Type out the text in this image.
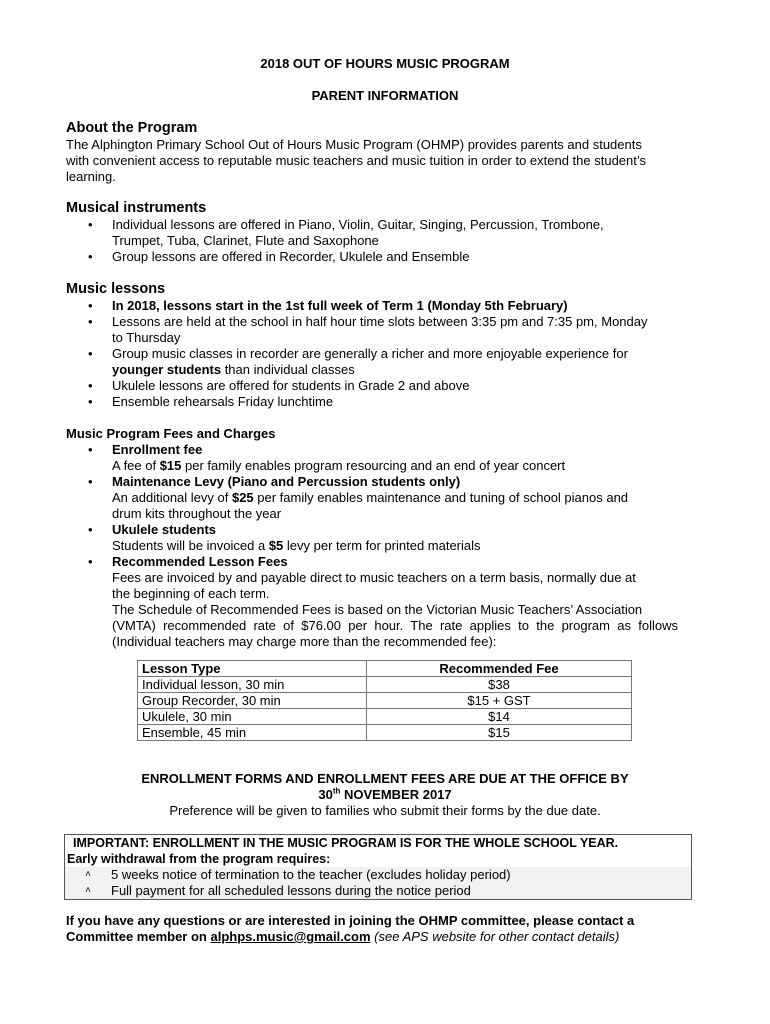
2018 OUT OF HOURS MUSIC PROGRAM
PARENT INFORMATION
About the Program
The Alphington Primary School Out of Hours Music Program (OHMP) provides parents and students
with convenient access to reputable music teachers and music tuition in order to extend the student’s
learning.
Musical instruments
• Individual lessons are offered in Piano, Violin, Guitar, Singing, Percussion, Trombone,
Trumpet, Tuba, Clarinet, Flute and Saxophone
• Group lessons are offered in Recorder, Ukulele and Ensemble
Music lessons
• In 2018, lessons start in the 1st full week of Term 1 (Monday 5th February)
• Lessons are held at the school in half hour time slots between 3:35 pm and 7:35 pm, Monday
to Thursday
• Group music classes in recorder are generally a richer and more enjoyable experience for
younger students than individual classes
• Ukulele lessons are offered for students in Grade 2 and above
• Ensemble rehearsals Friday lunchtime
Music Program Fees and Charges
• Enrollment fee
A fee of $15 per family enables program resourcing and an end of year concert
• Maintenance Levy (Piano and Percussion students only)
An additional levy of $25 per family enables maintenance and tuning of school pianos and
drum kits throughout the year
• Ukulele students
Students will be invoiced a $5 levy per term for printed materials
• Recommended Lesson Fees
Fees are invoiced by and payable direct to music teachers on a term basis, normally due at
the beginning of each term.
The Schedule of Recommended Fees is based on the Victorian Music Teachers’ Association
(VMTA) recommended rate of $76.00 per hour. The rate applies to the program as follows
(Individual teachers may charge more than the recommended fee):
Lesson Type	Recommended Fee
Individual lesson, 30 min	$38
Group Recorder, 30 min	$15 + GST
Ukulele, 30 min	$14
Ensemble, 45 min	$15
ENROLLMENT FORMS AND ENROLLMENT FEES ARE DUE AT THE OFFICE BY
30th NOVEMBER 2017
Preference will be given to families who submit their forms by the due date.
IMPORTANT: ENROLLMENT IN THE MUSIC PROGRAM IS FOR THE WHOLE SCHOOL YEAR.
Early withdrawal from the program requires:
˄	5 weeks notice of termination to the teacher (excludes holiday period)
˄	Full payment for all scheduled lessons during the notice period
If you have any questions or are interested in joining the OHMP committee, please contact a
Committee member on alphps.music@gmail.com (see APS website for other contact details)
